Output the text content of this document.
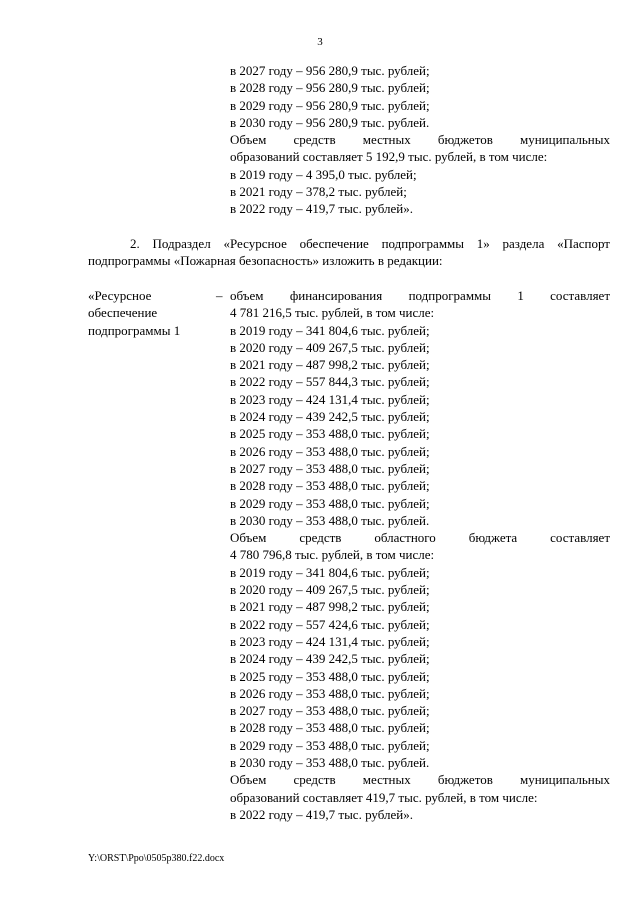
3
в 2027 году – 956 280,9 тыс. рублей;
в 2028 году – 956 280,9 тыс. рублей;
в 2029 году – 956 280,9 тыс. рублей;
в 2030 году – 956 280,9 тыс. рублей.
Объем средств местных бюджетов муниципальных
образований составляет 5 192,9 тыс. рублей, в том числе:
в 2019 году – 4 395,0 тыс. рублей;
в 2021 году – 378,2 тыс. рублей;
в 2022 году – 419,7 тыс. рублей».
2. Подраздел «Ресурсное обеспечение подпрограммы 1» раздела «Паспорт
подпрограммы «Пожарная безопасность» изложить в редакции:
«Ресурсное	–
обеспечение
подпрограммы 1
объем финансирования подпрограммы 1 составляет
4 781 216,5 тыс. рублей, в том числе:
в 2019 году – 341 804,6 тыс. рублей;
в 2020 году – 409 267,5 тыс. рублей;
в 2021 году – 487 998,2 тыс. рублей;
в 2022 году – 557 844,3 тыс. рублей;
в 2023 году – 424 131,4 тыс. рублей;
в 2024 году – 439 242,5 тыс. рублей;
в 2025 году – 353 488,0 тыс. рублей;
в 2026 году – 353 488,0 тыс. рублей;
в 2027 году – 353 488,0 тыс. рублей;
в 2028 году – 353 488,0 тыс. рублей;
в 2029 году – 353 488,0 тыс. рублей;
в 2030 году – 353 488,0 тыс. рублей.
Объем средств областного бюджета составляет
4 780 796,8 тыс. рублей, в том числе:
в 2019 году – 341 804,6 тыс. рублей;
в 2020 году – 409 267,5 тыс. рублей;
в 2021 году – 487 998,2 тыс. рублей;
в 2022 году – 557 424,6 тыс. рублей;
в 2023 году – 424 131,4 тыс. рублей;
в 2024 году – 439 242,5 тыс. рублей;
в 2025 году – 353 488,0 тыс. рублей;
в 2026 году – 353 488,0 тыс. рублей;
в 2027 году – 353 488,0 тыс. рублей;
в 2028 году – 353 488,0 тыс. рублей;
в 2029 году – 353 488,0 тыс. рублей;
в 2030 году – 353 488,0 тыс. рублей.
Объем средств местных бюджетов муниципальных
образований составляет 419,7 тыс. рублей, в том числе:
в 2022 году – 419,7 тыс. рублей».
Y:\ORST\Ppo\0505p380.f22.docx
